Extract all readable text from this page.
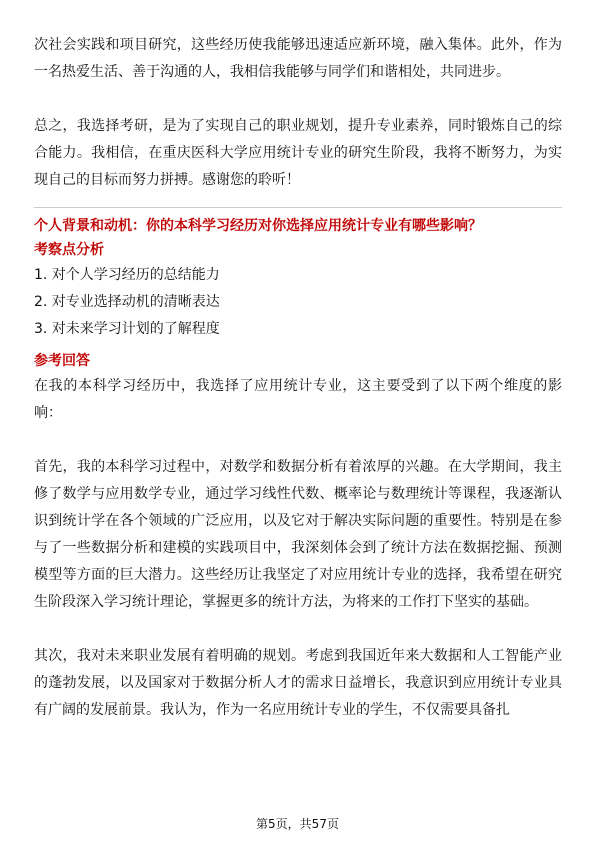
次社会实践和项目研究，这些经历使我能够迅速适应新环境，融入集体。此外，作为一名热爱生活、善于沟通的人，我相信我能够与同学们和谐相处，共同进步。

总之，我选择考研，是为了实现自己的职业规划，提升专业素养，同时锻炼自己的综合能力。我相信，在重庆医科大学应用统计专业的研究生阶段，我将不断努力，为实现自己的目标而努力拼搏。感谢您的聆听！

个人背景和动机：你的本科学习经历对你选择应用统计专业有哪些影响？

考察点分析

1. 对个人学习经历的总结能力
2. 对专业选择动机的清晰表达
3. 对未来学习计划的了解程度

参考回答

在我的本科学习经历中，我选择了应用统计专业，这主要受到了以下两个维度的影响：

首先，我的本科学习过程中，对数学和数据分析有着浓厚的兴趣。在大学期间，我主修了数学与应用数学专业，通过学习线性代数、概率论与数理统计等课程，我逐渐认识到统计学在各个领域的广泛应用，以及它对于解决实际问题的重要性。特别是在参与了一些数据分析和建模的实践项目中，我深刻体会到了统计方法在数据挖掘、预测模型等方面的巨大潜力。这些经历让我坚定了对应用统计专业的选择，我希望在研究生阶段深入学习统计理论，掌握更多的统计方法，为将来的工作打下坚实的基础。

其次，我对未来职业发展有着明确的规划。考虑到我国近年来大数据和人工智能产业的蓬勃发展，以及国家对于数据分析人才的需求日益增长，我意识到应用统计专业具有广阔的发展前景。我认为，作为一名应用统计专业的学生，不仅需要具备扎

第5页，共57页
